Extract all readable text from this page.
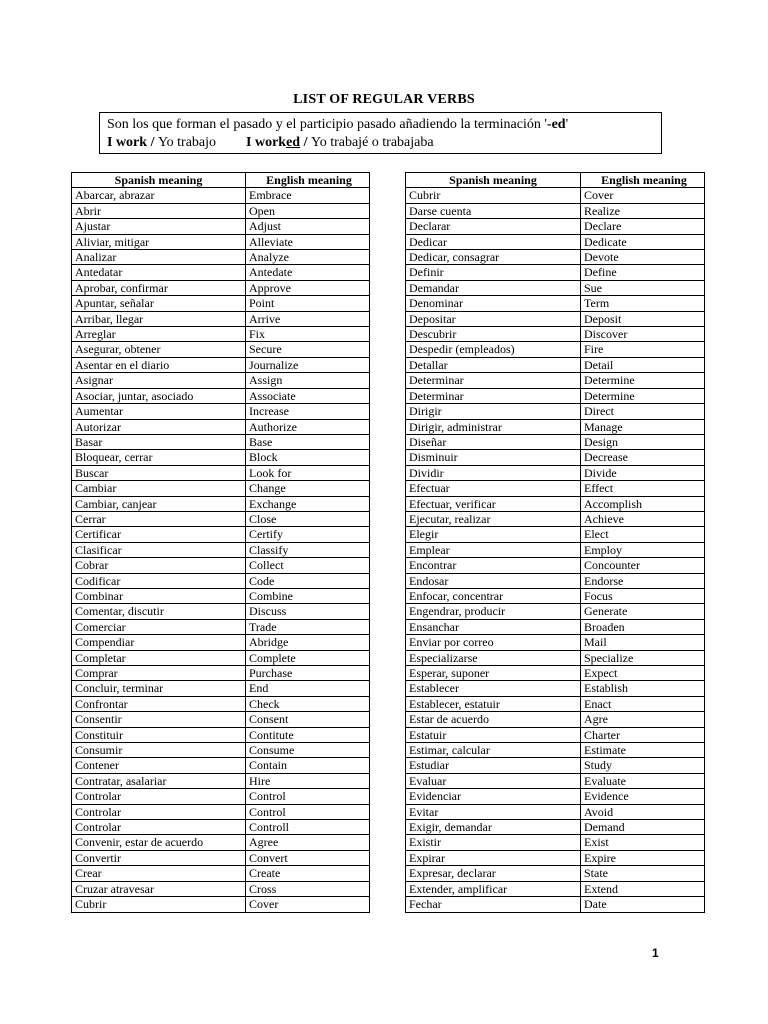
LIST OF REGULAR VERBS
Son los que forman el pasado y el participio pasado añadiendo la terminación '-ed'
I work / Yo trabajo I worked / Yo trabajé o trabajaba
Spanish meaning	English meaning
Abarcar, abrazar	Embrace
Abrir	Open
Ajustar	Adjust
Aliviar, mitigar	Alleviate
Analizar	Analyze
Antedatar	Antedate
Aprobar, confirmar	Approve
Apuntar, señalar	Point
Arribar, llegar	Arrive
Arreglar	Fix
Asegurar, obtener	Secure
Asentar en el diario	Journalize
Asignar	Assign
Asociar, juntar, asociado	Associate
Aumentar	Increase
Autorizar	Authorize
Basar	Base
Bloquear, cerrar	Block
Buscar	Look for
Cambiar	Change
Cambiar, canjear	Exchange
Cerrar	Close
Certificar	Certify
Clasificar	Classify
Cobrar	Collect
Codificar	Code
Combinar	Combine
Comentar, discutir	Discuss
Comerciar	Trade
Compendiar	Abridge
Completar	Complete
Comprar	Purchase
Concluir, terminar	End
Confrontar	Check
Consentir	Consent
Constituir	Contitute
Consumir	Consume
Contener	Contain
Contratar, asalariar	Hire
Controlar	Control
Controlar	Control
Controlar	Controll
Convenir, estar de acuerdo	Agree
Convertir	Convert
Crear	Create
Cruzar atravesar	Cross
Cubrir	Cover
Spanish meaning	English meaning
Cubrir	Cover
Darse cuenta	Realize
Declarar	Declare
Dedicar	Dedicate
Dedicar, consagrar	Devote
Definir	Define
Demandar	Sue
Denominar	Term
Depositar	Deposit
Descubrir	Discover
Despedir (empleados)	Fire
Detallar	Detail
Determinar	Determine
Determinar	Determine
Dirigir	Direct
Dirigir, administrar	Manage
Diseñar	Design
Disminuir	Decrease
Dividir	Divide
Efectuar	Effect
Efectuar, verificar	Accomplish
Ejecutar, realizar	Achieve
Elegir	Elect
Emplear	Employ
Encontrar	Concounter
Endosar	Endorse
Enfocar, concentrar	Focus
Engendrar, producir	Generate
Ensanchar	Broaden
Enviar por correo	Mail
Especializarse	Specialize
Esperar, suponer	Expect
Establecer	Establish
Establecer, estatuir	Enact
Estar de acuerdo	Agre
Estatuir	Charter
Estimar, calcular	Estimate
Estudiar	Study
Evaluar	Evaluate
Evidenciar	Evidence
Evitar	Avoid
Exigir, demandar	Demand
Existir	Exist
Expirar	Expire
Expresar, declarar	State
Extender, amplificar	Extend
Fechar	Date
1
